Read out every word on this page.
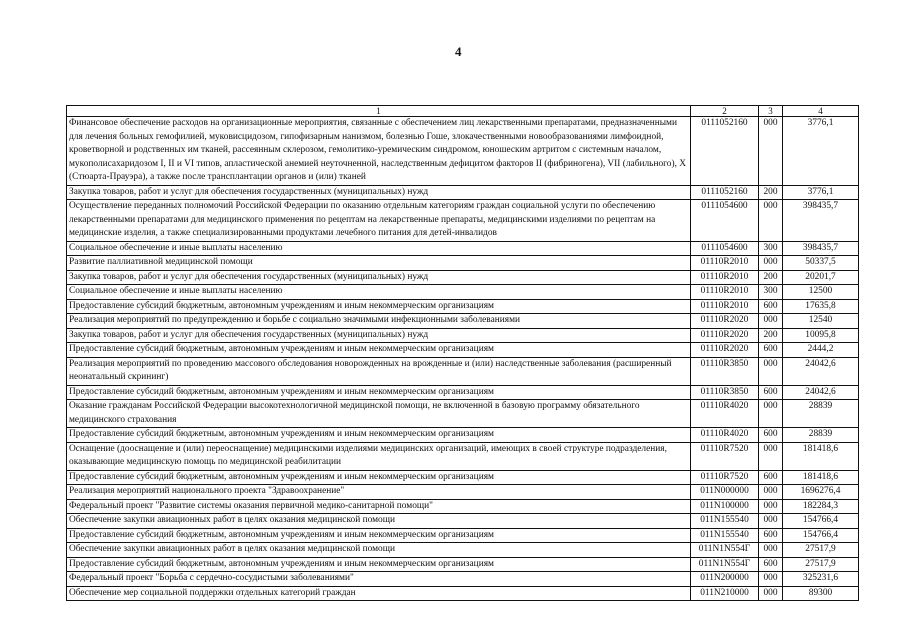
4
1	2	3	4
Финансовое обеспечение расходов на организационные мероприятия, связанные с обеспечением лиц лекарственными препаратами, предназначенными для лечения больных гемофилией, муковисцидозом, гипофизарным нанизмом, болезнью Гоше, злокачественными новообразованиями лимфоидной, кроветворной и родственных им тканей, рассеянным склерозом, гемолитико-уремическим синдромом, юношеским артритом с системным началом, мукополисахаридозом I, II и VI типов, апластической анемией неуточненной, наследственным дефицитом факторов II (фибриногена), VII (лабильного), X (Стюарта-Прауэра), а также после трансплантации органов и (или) тканей	0111052160	000	3776,1
Закупка товаров, работ и услуг для обеспечения государственных (муниципальных) нужд	0111052160	200	3776,1
Осуществление переданных полномочий Российской Федерации по оказанию отдельным категориям граждан социальной услуги по обеспечению лекарственными препаратами для медицинского применения по рецептам на лекарственные препараты, медицинскими изделиями по рецептам на медицинские изделия, а также специализированными продуктами лечебного питания для детей-инвалидов	0111054600	000	398435,7
Социальное обеспечение и иные выплаты населению	0111054600	300	398435,7
Развитие паллиативной медицинской помощи	01110R2010	000	50337,5
Закупка товаров, работ и услуг для обеспечения государственных (муниципальных) нужд	01110R2010	200	20201,7
Социальное обеспечение и иные выплаты населению	01110R2010	300	12500
Предоставление субсидий бюджетным, автономным учреждениям и иным некоммерческим организациям	01110R2010	600	17635,8
Реализация мероприятий по предупреждению и борьбе с социально значимыми инфекционными заболеваниями	01110R2020	000	12540
Закупка товаров, работ и услуг для обеспечения государственных (муниципальных) нужд	01110R2020	200	10095,8
Предоставление субсидий бюджетным, автономным учреждениям и иным некоммерческим организациям	01110R2020	600	2444,2
Реализация мероприятий по проведению массового обследования новорожденных на врожденные и (или) наследственные заболевания (расширенный неонатальный скрининг)	01110R3850	000	24042,6
Предоставление субсидий бюджетным, автономным учреждениям и иным некоммерческим организациям	01110R3850	600	24042,6
Оказание гражданам Российской Федерации высокотехнологичной медицинской помощи, не включенной в базовую программу обязательного медицинского страхования	01110R4020	000	28839
Предоставление субсидий бюджетным, автономным учреждениям и иным некоммерческим организациям	01110R4020	600	28839
Оснащение (дооснащение и (или) переоснащение) медицинскими изделиями медицинских организаций, имеющих в своей структуре подразделения, оказывающие медицинскую помощь по медицинской реабилитации	01110R7520	000	181418,6
Предоставление субсидий бюджетным, автономным учреждениям и иным некоммерческим организациям	01110R7520	600	181418,6
Реализация мероприятий национального проекта "Здравоохранение"	011N000000	000	1696276,4
Федеральный проект "Развитие системы оказания первичной медико-санитарной помощи"	011N100000	000	182284,3
Обеспечение закупки авиационных работ в целях оказания медицинской помощи	011N155540	000	154766,4
Предоставление субсидий бюджетным, автономным учреждениям и иным некоммерческим организациям	011N155540	600	154766,4
Обеспечение закупки авиационных работ в целях оказания медицинской помощи	011N1N554Г	000	27517,9
Предоставление субсидий бюджетным, автономным учреждениям и иным некоммерческим организациям	011N1N554Г	600	27517,9
Федеральный проект "Борьба с сердечно-сосудистыми заболеваниями"	011N200000	000	325231,6
Обеспечение мер социальной поддержки отдельных категорий граждан	011N210000	000	89300
